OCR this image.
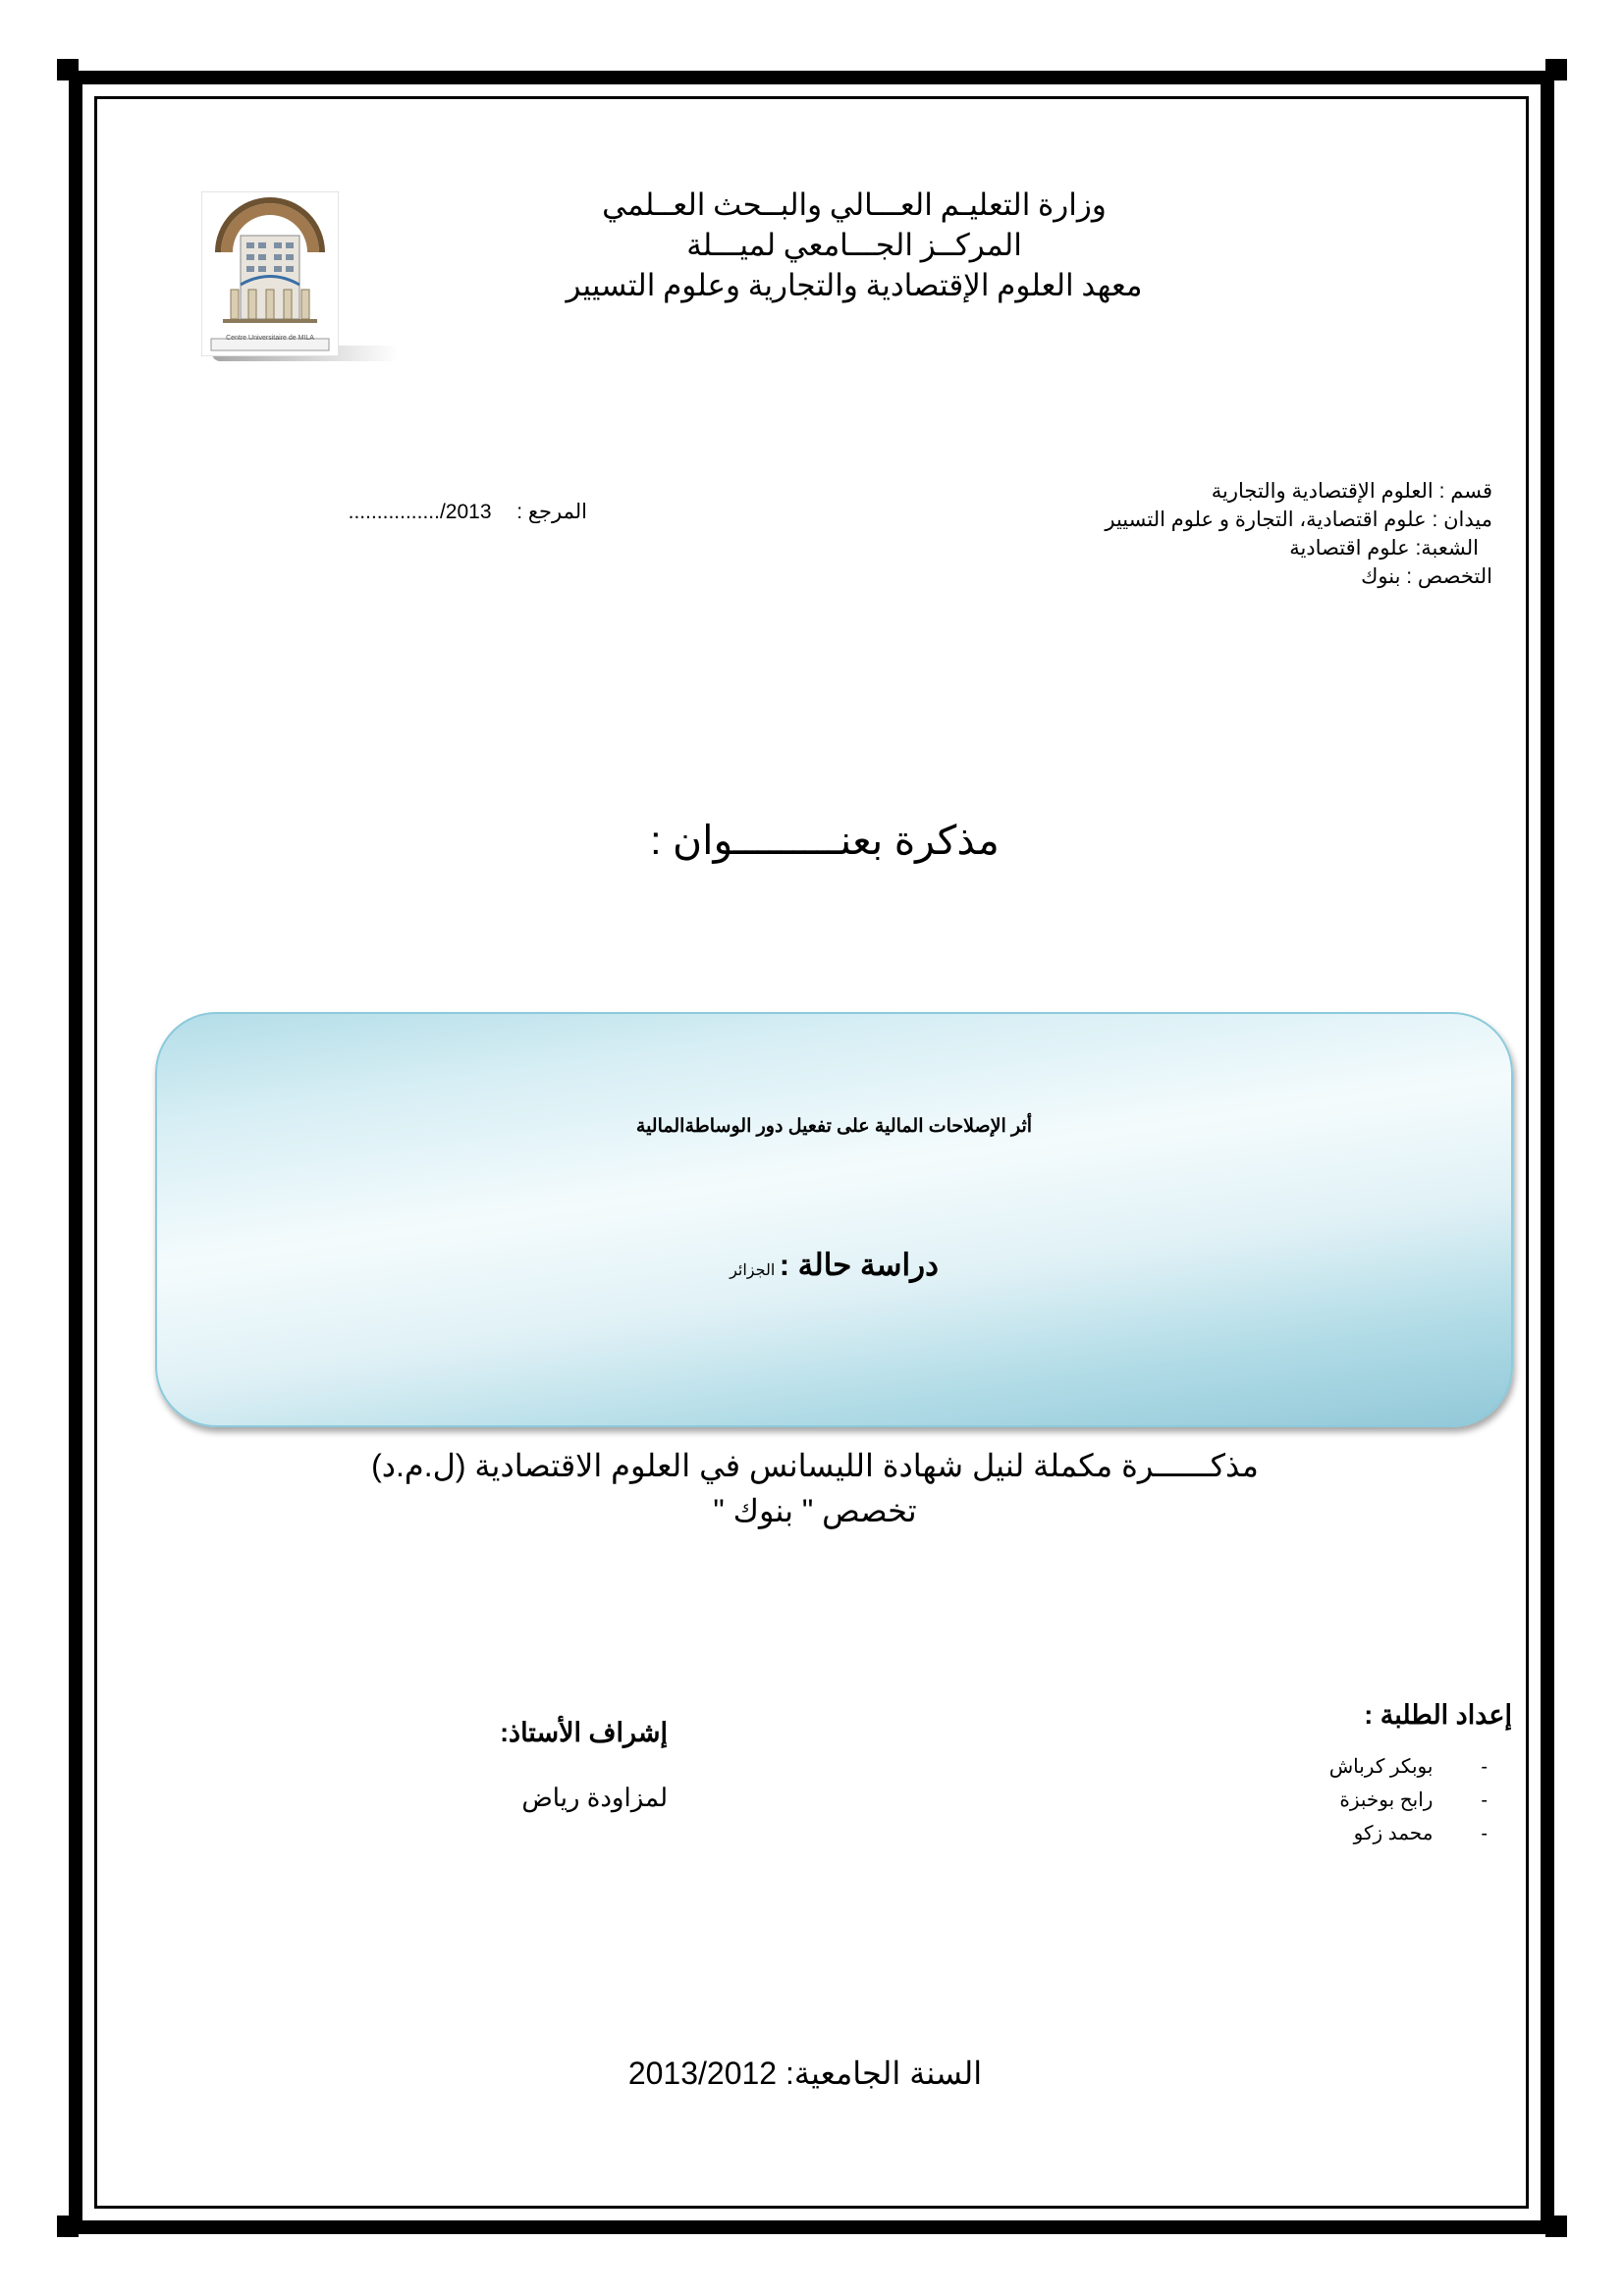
Centre Universitaire de MILA
وزارة التعليـم العـــالي والبــحث العــلمي
المركــز الجـــامعي لميـــلة
معهد العلوم الإقتصادية والتجارية وعلوم التسيير
قسم : العلوم الإقتصادية والتجارية
ميدان : علوم اقتصادية، التجارة و علوم التسيير
الشعبة: علوم اقتصادية
التخصص : بنوك
المرجع :  ................/2013
مذكرة بعنـــــــــوان :
أثر الإصلاحات المالية على تفعيل دور الوساطةالمالية
دراسة حالة : الجزائر
مذكــــــرة مكملة لنيل شهادة الليسانس في العلوم الاقتصادية (ل.م.د)
تخصص " بنوك "
إعداد الطلبة :
- بوبكر كرباش
- رابح بوخبزة
- محمد زكو
إشراف الأستاذ:
لمزاودة رياض
السنة الجامعية: 2013/2012
